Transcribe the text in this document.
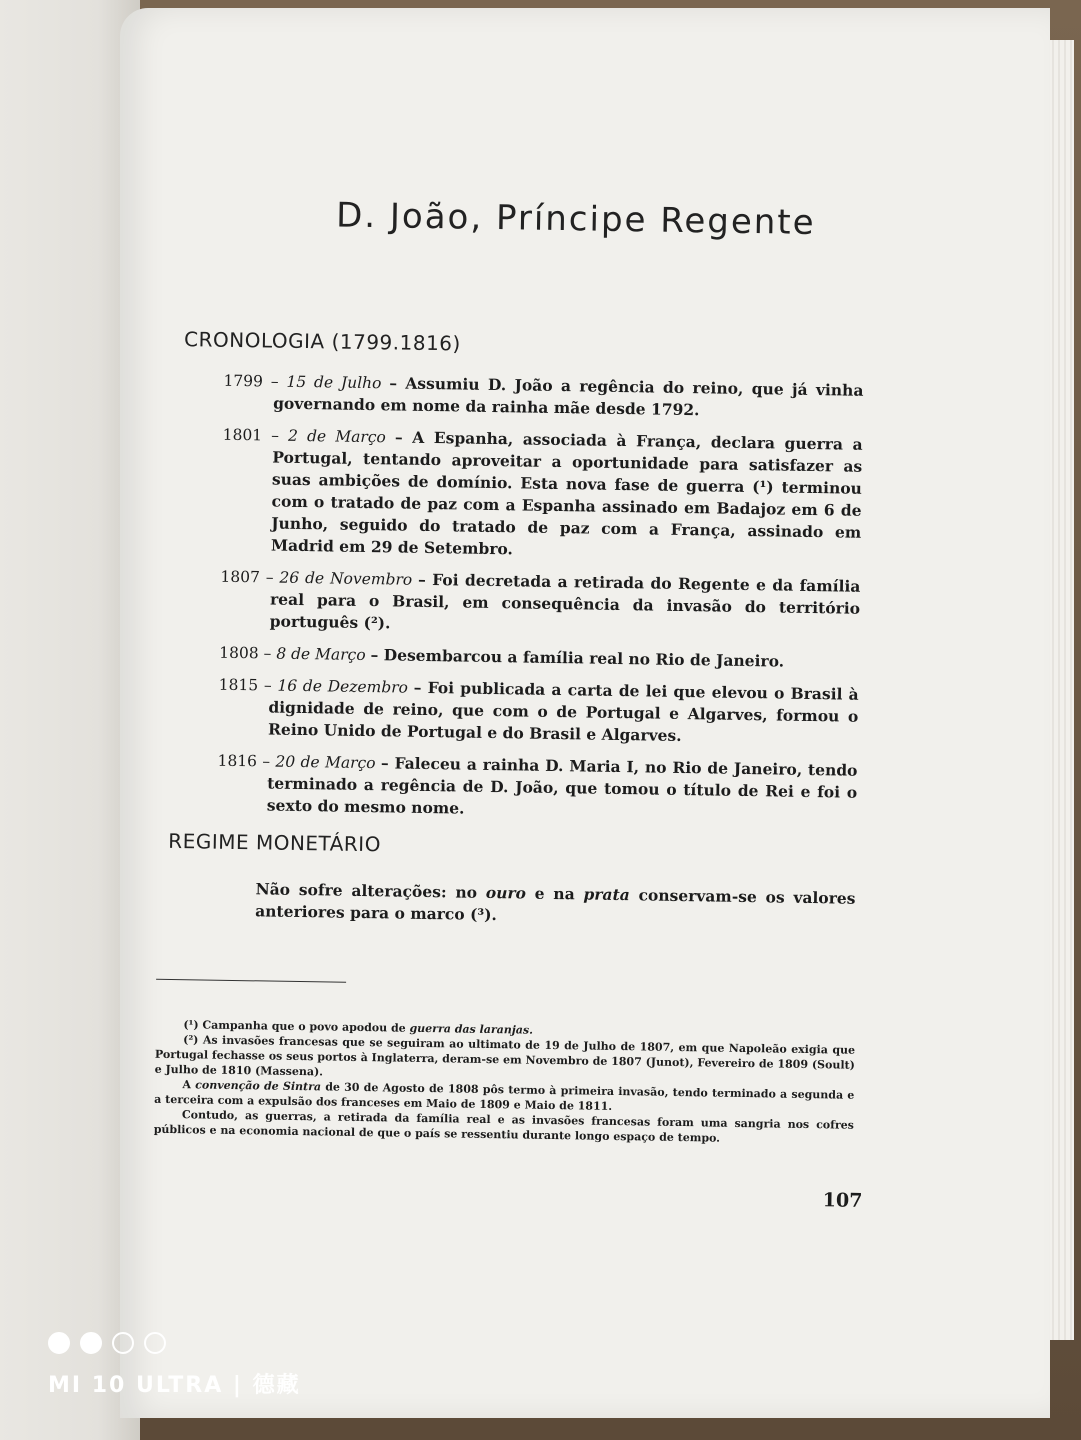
D. João, Príncipe Regente
CRONOLOGIA (1799.1816)
1799 – 15 de Julho – Assumiu D. João a regência do reino, que já vinha governando em nome da rainha mãe desde 1792.
1801 – 2 de Março – A Espanha, associada à França, declara guerra a Portugal, tentando aproveitar a oportunidade para satisfazer as suas ambições de domínio. Esta nova fase de guerra (¹) terminou com o tratado de paz com a Espanha assinado em Badajoz em 6 de Junho, seguido do tratado de paz com a França, assinado em Madrid em 29 de Setembro.
1807 – 26 de Novembro – Foi decretada a retirada do Regente e da família real para o Brasil, em consequência da invasão do território português (²).
1808 – 8 de Março – Desembarcou a família real no Rio de Janeiro.
1815 – 16 de Dezembro – Foi publicada a carta de lei que elevou o Brasil à dignidade de reino, que com o de Portugal e Algarves, formou o Reino Unido de Portugal e do Brasil e Algarves.
1816 – 20 de Março – Faleceu a rainha D. Maria I, no Rio de Janeiro, tendo terminado a regência de D. João, que tomou o título de Rei e foi o sexto do mesmo nome.
REGIME MONETÁRIO
Não sofre alterações: no ouro e na prata conservam-se os valores anteriores para o marco (³).

(¹) Campanha que o povo apodou de guerra das laranjas.

(²) As invasões francesas que se seguiram ao ultimato de 19 de Julho de 1807, em que Napoleão exigia que Portugal fechasse os seus portos à Inglaterra, deram-se em Novembro de 1807 (Junot), Fevereiro de 1809 (Soult) e Julho de 1810 (Massena).

A convenção de Sintra de 30 de Agosto de 1808 pôs termo à primeira invasão, tendo terminado a segunda e a terceira com a expulsão dos franceses em Maio de 1809 e Maio de 1811.

Contudo, as guerras, a retirada da família real e as invasões francesas foram uma sangria nos cofres públicos e na economia nacional de que o país se ressentiu durante longo espaço de tempo.

107
MI 10 ULTRA | 德藏
